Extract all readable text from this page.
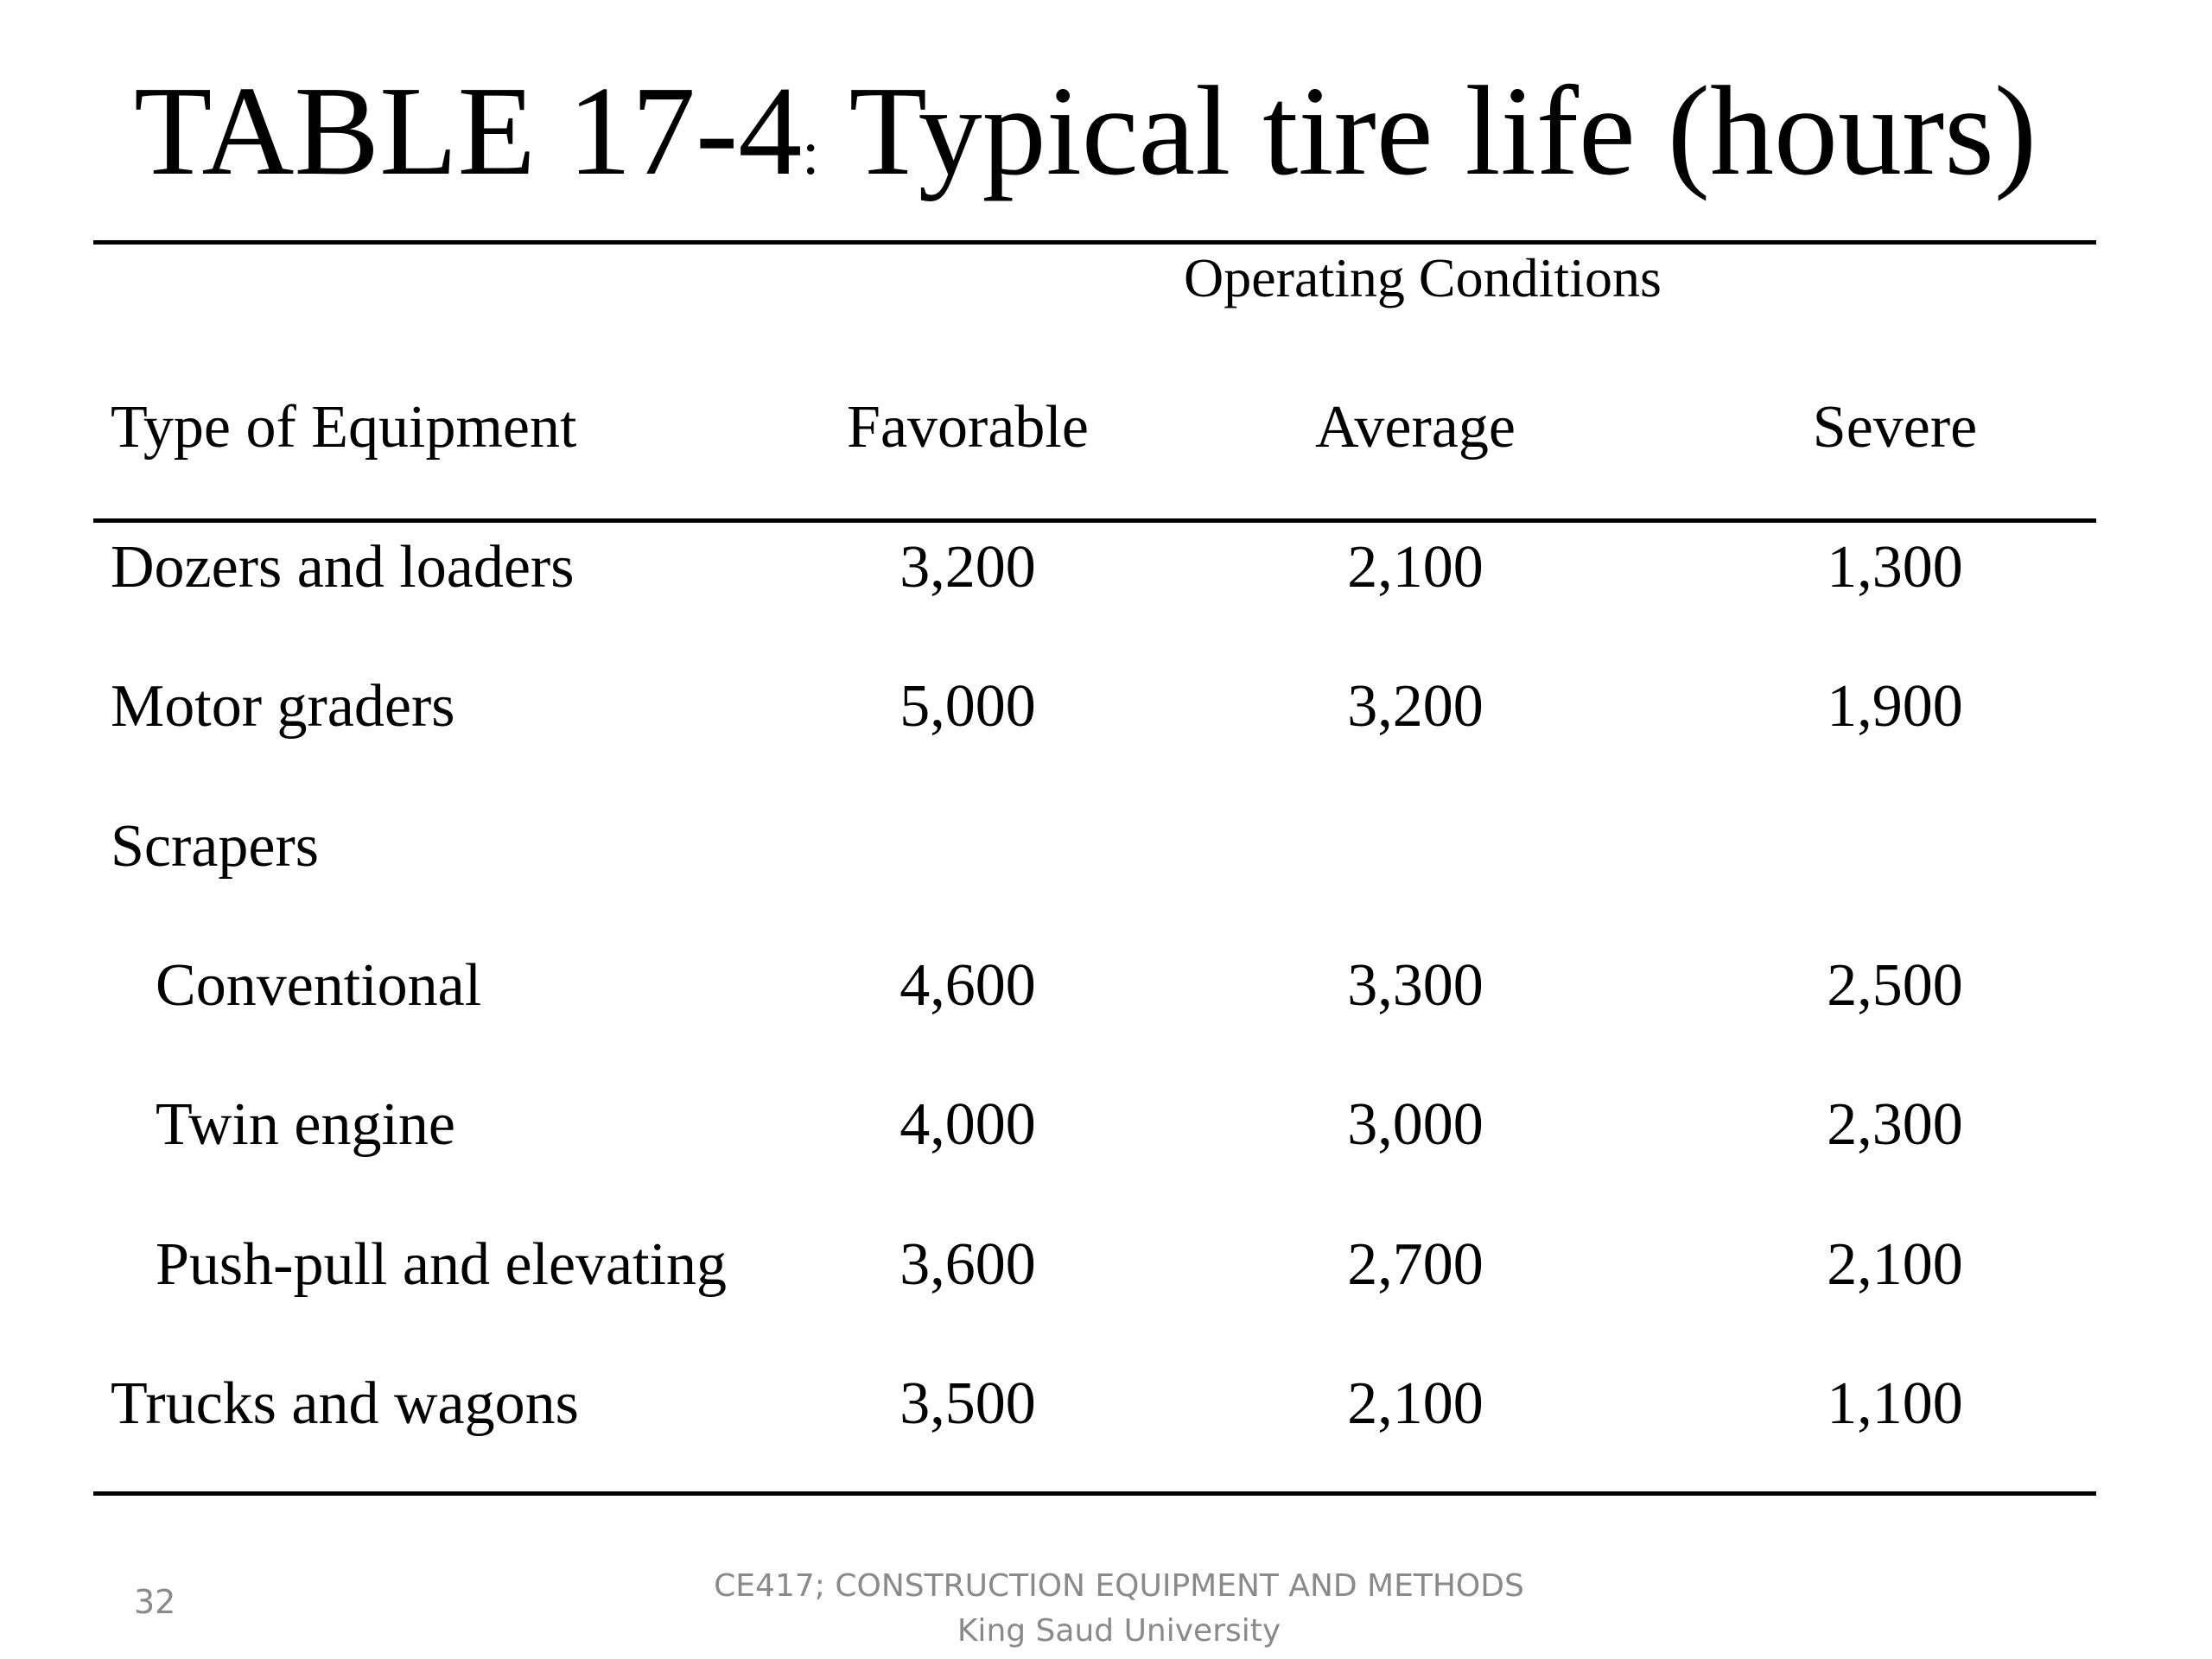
TABLE 17-4: Typical tire life (hours)
Operating Conditions
Type of Equipment	Favorable	Average	Severe
Dozers and loaders	3,200	2,100	1,300
Motor graders	5,000	3,200	1,900
Scrapers
Conventional	4,600	3,300	2,500
Twin engine	4,000	3,000	2,300
Push-pull and elevating	3,600	2,700	2,100
Trucks and wagons	3,500	2,100	1,100
32	CE417; CONSTRUCTION EQUIPMENT AND METHODS
King Saud University
